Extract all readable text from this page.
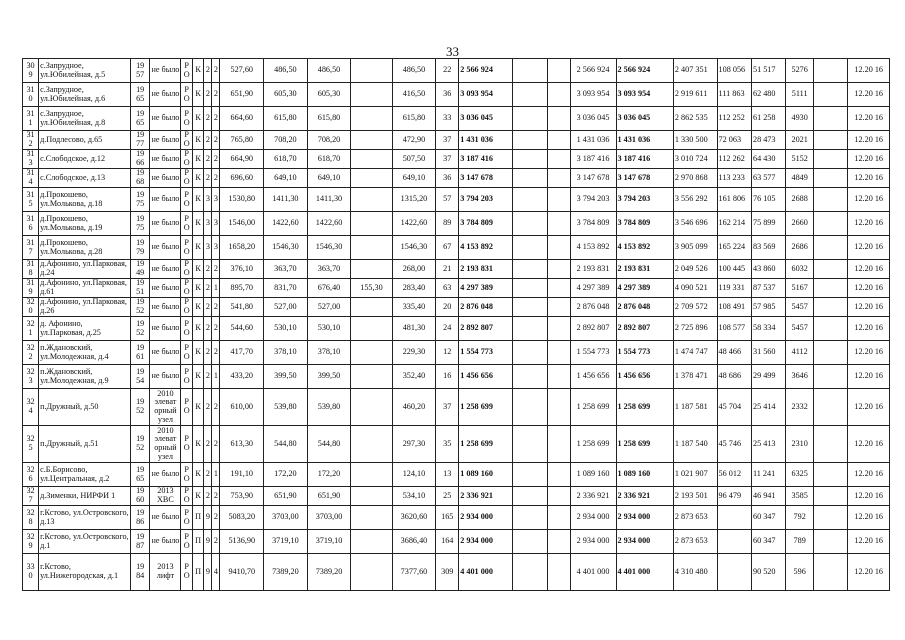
33
30 9	с.Запрудное, ул.Юбилейная, д.5	19 57	не было	Р О	К	2	2	527,60	486,50	486,50		486,50	22	2 566 924			2 566 924	2 566 924	2 407 351	108 056	51 517	5276		12.20 16
31 0	с.Запрудное, ул.Юбилейная, д.6	19 65	не было	Р О	К	2	2	651,90	605,30	605,30		416,50	36	3 093 954			3 093 954	3 093 954	2 919 611	111 863	62 480	5111		12.20 16
31 1	с.Запрудное, ул.Юбилейная, д.8	19 65	не было	Р О	К	2	2	664,60	615,80	615,80		615,80	33	3 036 045			3 036 045	3 036 045	2 862 535	112 252	61 258	4930		12.20 16
31 2	д.Подлесово, д.65	19 77	не было	Р О	К	2	2	765,80	708,20	708,20		472,90	37	1 431 036			1 431 036	1 431 036	1 330 500	72 063	28 473	2021		12.20 16
31 3	с.Слободское, д.12	19 66	не было	Р О	К	2	2	664,90	618,70	618,70		507,50	37	3 187 416			3 187 416	3 187 416	3 010 724	112 262	64 430	5152		12.20 16
31 4	с.Слободское, д.13	19 68	не было	Р О	К	2	2	696,60	649,10	649,10		649,10	36	3 147 678			3 147 678	3 147 678	2 970 868	113 233	63 577	4849		12.20 16
31 5	д.Прокошево, ул.Молькова, д.18	19 75	не было	Р О	К	3	3	1530,80	1411,30	1411,30		1315,20	57	3 794 203			3 794 203	3 794 203	3 556 292	161 806	76 105	2688		12.20 16
31 6	д.Прокошево, ул.Молькова, д.19	19 75	не было	Р О	К	3	3	1546,00	1422,60	1422,60		1422,60	89	3 784 809			3 784 809	3 784 809	3 546 696	162 214	75 899	2660		12.20 16
31 7	д.Прокошево, ул.Молькова, д.28	19 79	не было	Р О	К	3	3	1658,20	1546,30	1546,30		1546,30	67	4 153 892			4 153 892	4 153 892	3 905 099	165 224	83 569	2686		12.20 16
31 8	д.Афонино, ул.Парковая, д.24	19 49	не было	Р О	К	2	2	376,10	363,70	363,70		268,00	21	2 193 831			2 193 831	2 193 831	2 049 526	100 445	43 860	6032		12.20 16
31 9	д.Афонино, ул.Парковая, д.61	19 51	не было	Р О	К	2	1	895,70	831,70	676,40	155,30	283,40	63	4 297 389			4 297 389	4 297 389	4 090 521	119 331	87 537	5167		12.20 16
32 0	д.Афонино, ул.Парковая, д.26	19 52	не было	Р О	К	2	2	541,80	527,00	527,00		335,40	20	2 876 048			2 876 048	2 876 048	2 709 572	108 491	57 985	5457		12.20 16
32 1	д. Афонино, ул.Парковая, д.25	19 52	не было	Р О	К	2	2	544,60	530,10	530,10		481,30	24	2 892 807			2 892 807	2 892 807	2 725 896	108 577	58 334	5457		12.20 16
32 2	п.Ждановский, ул.Молодежная, д.4	19 61	не было	Р О	К	2	2	417,70	378,10	378,10		229,30	12	1 554 773			1 554 773	1 554 773	1 474 747	48 466	31 560	4112		12.20 16
32 3	п.Ждановский, ул.Молодежная, д.9	19 54	не было	Р О	К	2	1	433,20	399,50	399,50		352,40	16	1 456 656			1 456 656	1 456 656	1 378 471	48 686	29 499	3646		12.20 16
32 4	п.Дружный, д.50	19 52	2010 элеват орный узел	Р О	К	2	2	610,00	539,80	539,80		460,20	37	1 258 699			1 258 699	1 258 699	1 187 581	45 704	25 414	2332		12.20 16
32 5	п.Дружный, д.51	19 52	2010 элеват орный узел	Р О	К	2	2	613,30	544,80	544,80		297,30	35	1 258 699			1 258 699	1 258 699	1 187 540	45 746	25 413	2310		12.20 16
32 6	с.Б.Борисово, ул.Центральная, д.2	19 65	не было	Р О	К	2	1	191,10	172,20	172,20		124,10	13	1 089 160			1 089 160	1 089 160	1 021 907	56 012	11 241	6325		12.20 16
32 7	д.Зименки, НИРФИ 1	19 60	2013 ХВС	Р О	К	2	2	753,90	651,90	651,90		534,10	25	2 336 921			2 336 921	2 336 921	2 193 501	96 479	46 941	3585		12.20 16
32 8	г.Кстово, ул.Островского, д.13	19 86	не было	Р О	П	9	2	5083,20	3703,00	3703,00		3620,60	165	2 934 000			2 934 000	2 934 000	2 873 653		60 347	792		12.20 16
32 9	г.Кстово, ул.Островского, д.1	19 87	не было	Р О	П	9	2	5136,90	3719,10	3719,10		3686,40	164	2 934 000			2 934 000	2 934 000	2 873 653		60 347	789		12.20 16
33 0	г.Кстово, ул.Нижегородская, д.1	19 84	2013 лифт	Р О	П	9	4	9410,70	7389,20	7389,20		7377,60	309	4 401 000			4 401 000	4 401 000	4 310 480		90 520	596		12.20 16
